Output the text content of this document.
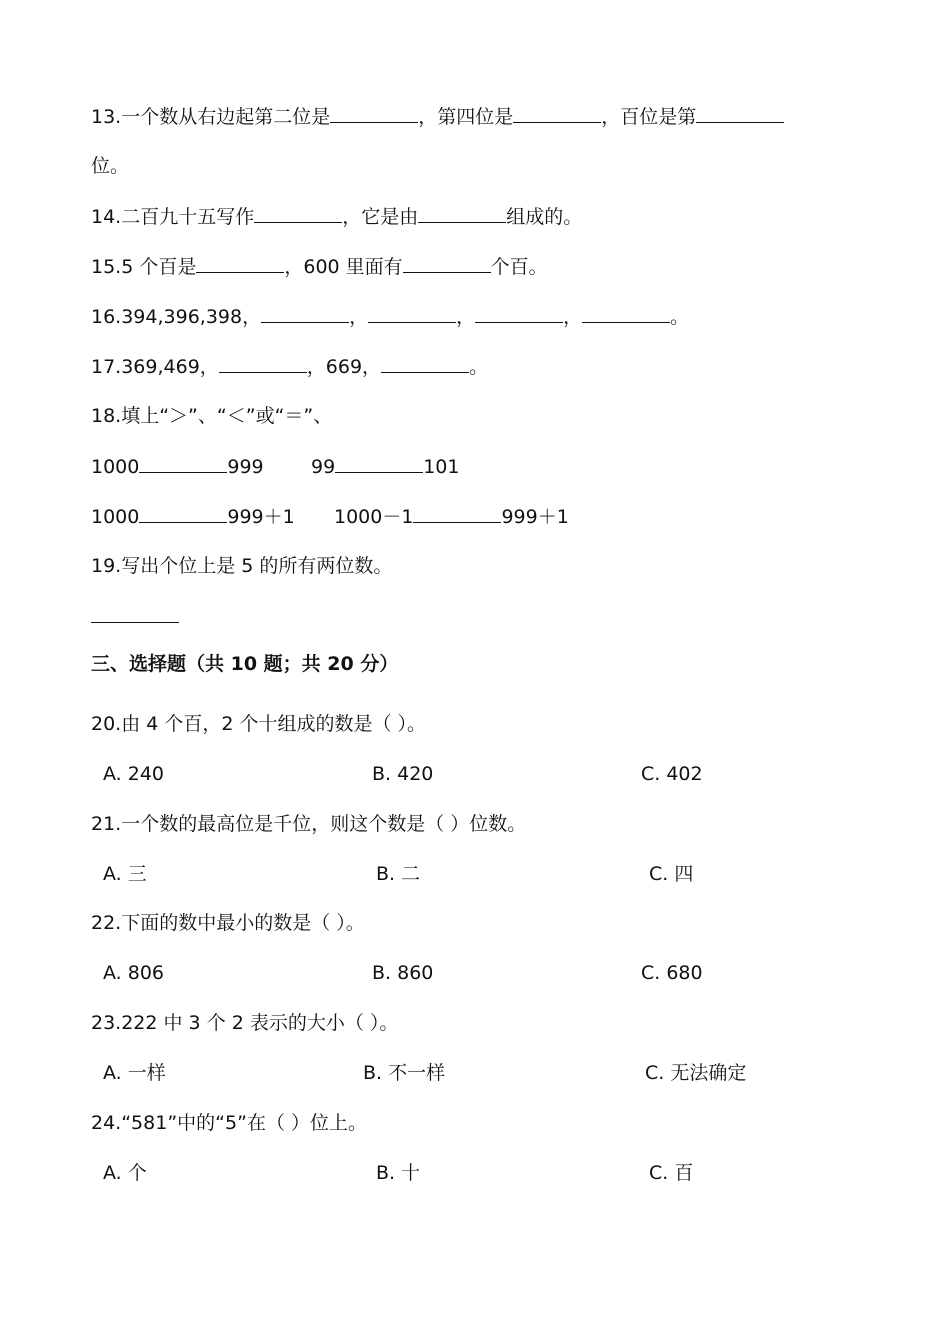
13.一个数从右边起第二位是	，第四位是	，百位是第
位。
14.二百九十五写作	，它是由	组成的。
15.5 个百是	，600 里面有	个百。
16.394,396,398，	，	，	，	。
17.369,469，	，669，	。
18.填上“＞”、“＜”或“＝”、
1000	999 99	101
1000	999＋1 1000－1	999＋1
19.写出个位上是 5 的所有两位数。
三、选择题（共 10 题；共 20 分）
20.由 4 个百，2 个十组成的数是（ ）。
A. 240	B. 420	C. 402
21.一个数的最高位是千位，则这个数是（ ）位数。
A. 三	B. 二	C. 四
22.下面的数中最小的数是（ ）。
A. 806	B. 860	C. 680
23.222 中 3 个 2 表示的大小（ ）。
A. 一样	B. 不一样	C. 无法确定
24.“581”中的“5”在（ ）位上。
A. 个	B. 十	C. 百
